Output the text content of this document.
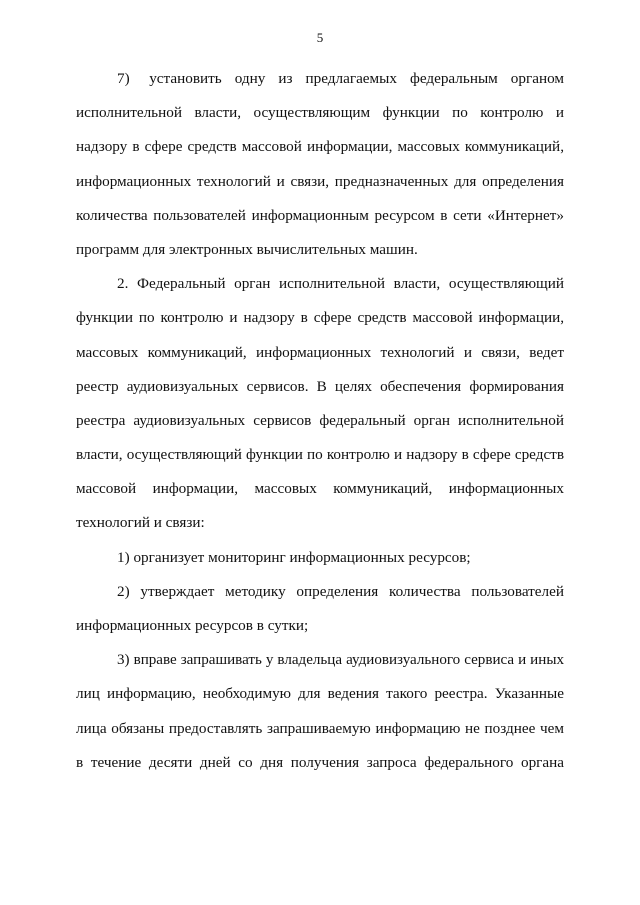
5
7)   установить  одну  из  предлагаемых  федеральным  органом
исполнительной власти, осуществляющим функции по контролю и
надзору в сфере средств массовой информации, массовых коммуникаций,
информационных технологий и связи, предназначенных для определения
количества пользователей информационным ресурсом в сети «Интернет»
программ для электронных вычислительных машин.
2. Федеральный орган исполнительной власти, осуществляющий
функции по контролю и надзору в сфере средств массовой информации,
массовых коммуникаций, информационных технологий и связи, ведет
реестр аудиовизуальных сервисов. В целях обеспечения формирования
реестра аудиовизуальных сервисов федеральный орган исполнительной
власти, осуществляющий функции по контролю и надзору в сфере средств
массовой информации, массовых коммуникаций, информационных
технологий и связи:
1) организует мониторинг информационных ресурсов;
2) утверждает методику определения количества пользователей
информационных ресурсов в сутки;
3) вправе запрашивать у владельца аудиовизуального сервиса и иных
лиц информацию, необходимую для ведения такого реестра. Указанные
лица обязаны предоставлять запрашиваемую информацию не позднее чем
в течение десяти дней со дня получения запроса федерального органа
